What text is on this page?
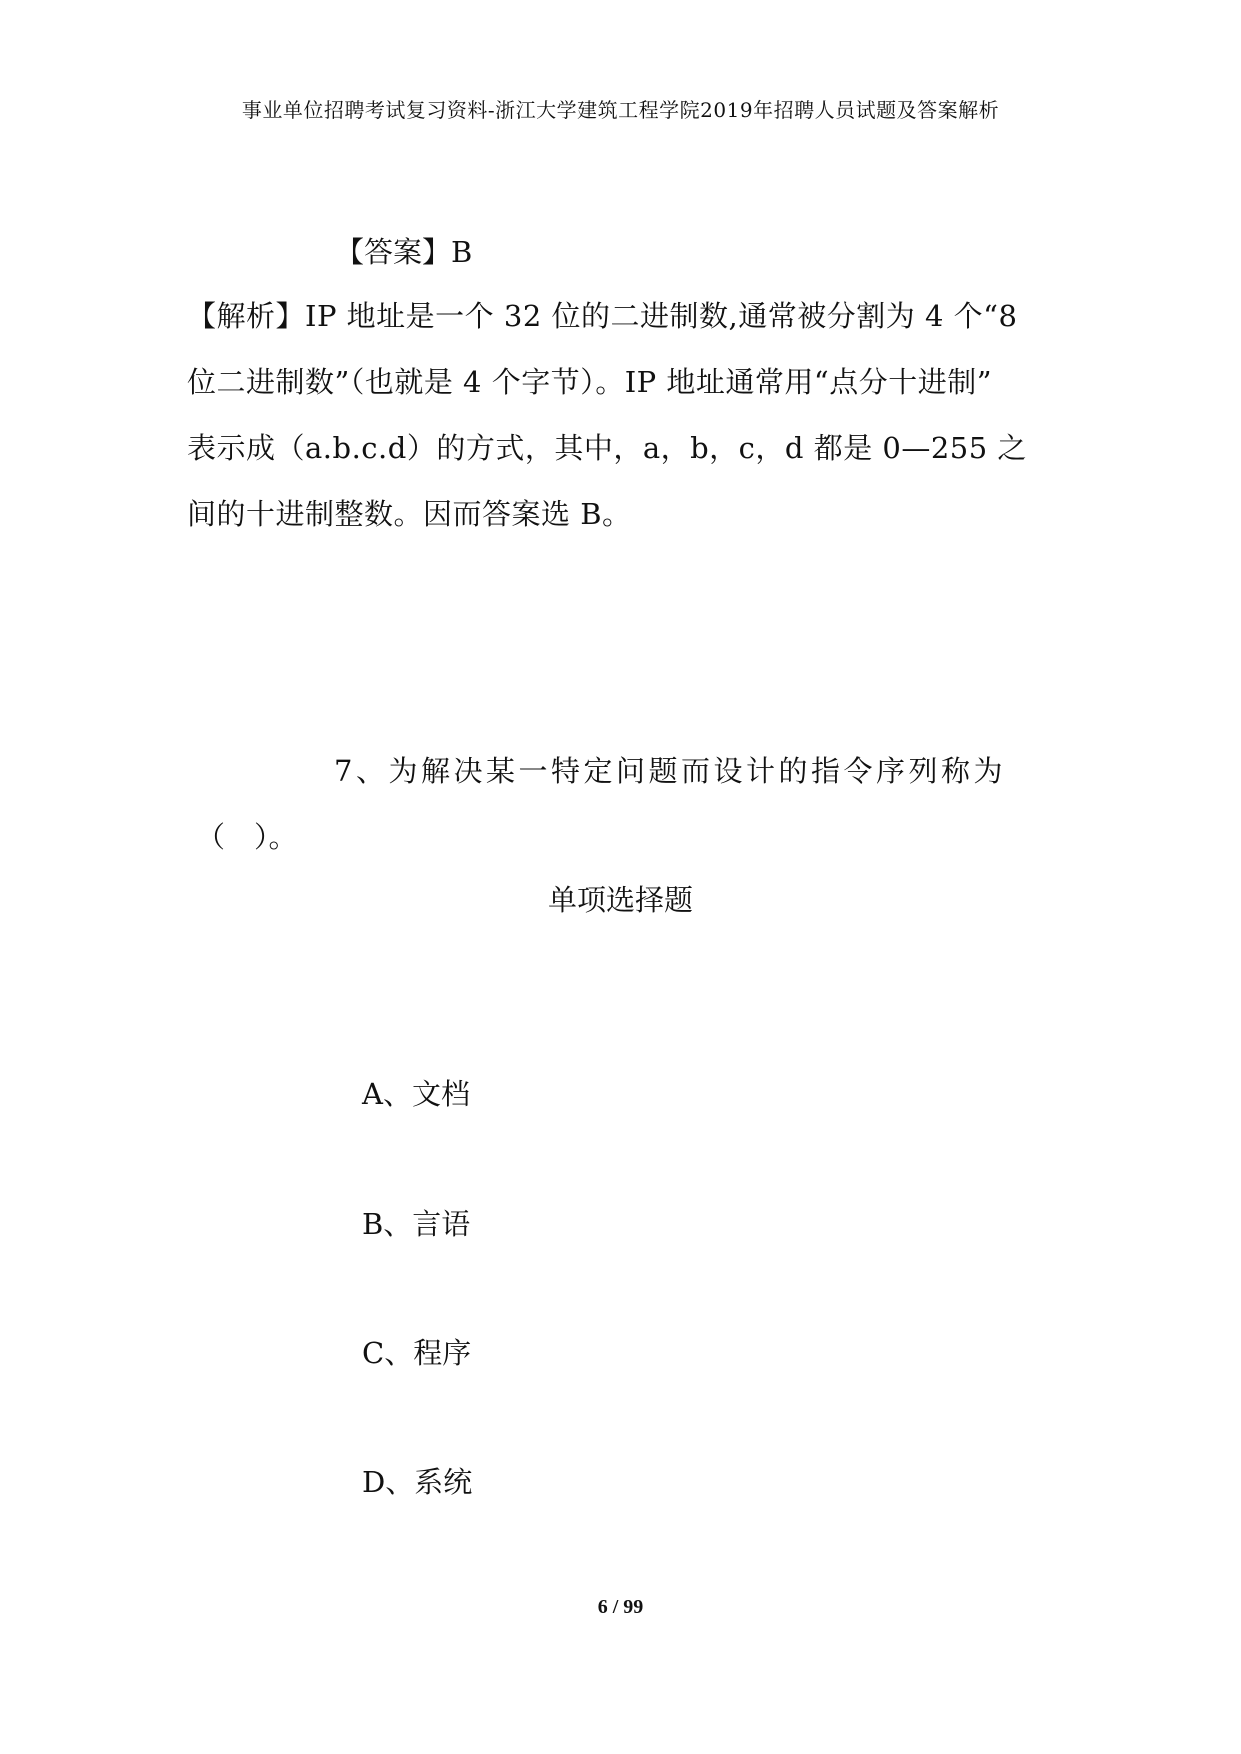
事业单位招聘考试复习资料-浙江大学建筑工程学院2019年招聘人员试题及答案解析
【答案】B
【解析】IP 地址是一个 32 位的二进制数,通常被分割为 4 个“8
位二进制数”（也就是 4 个字节）。IP 地址通常用“点分十进制”
表示成（a.b.c.d）的方式，其中，a，b，c，d 都是 0—255 之
间的十进制整数。因而答案选 B。
7、为解决某一特定问题而设计的指令序列称为
（　）。
单项选择题
A、文档
B、言语
C、程序
D、系统
6 / 99
